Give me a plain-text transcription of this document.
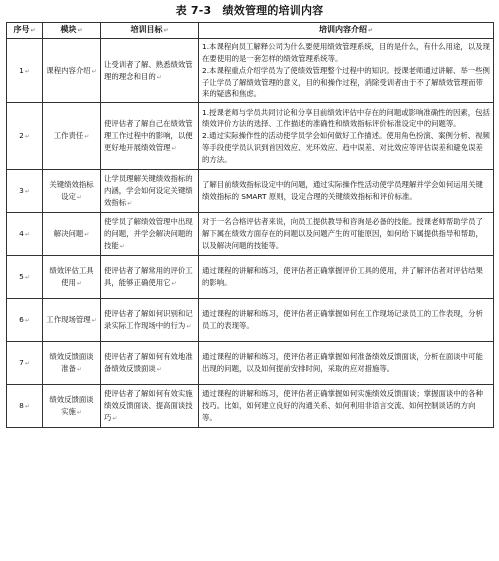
表 7-3　绩效管理的培训内容
序号↵	模块↵	培训目标↵	培训内容介绍↵
1↵	课程内容介绍↵	让受训者了解、熟悉绩效管理的理念和目的↵	1.本课程向员工解释公司为什么要使用绩效管理系统，目的是什么，有什么用途，以及现在要使用的是一套怎样的绩效管理系统等。
2.本课程重点介绍学员为了使绩效管理整个过程中的知识。授课老师通过讲解、举一些例子让学员了解绩效管理的意义，目的和操作过程，消除受训者由于不了解绩效管理而带来的疑惑和焦虑。

2↵	工作责任↵	使评估者了解自己在绩效管理工作过程中的影响，以便更好地开展绩效管理↵	1.授课老师与学员共同讨论和分享目前绩效评估中存在的问题或影响准确性的因素，包括绩效评价方法的选择、工作描述的准确性和绩效指标评价标准设定中的问题等。
2.通过实际操作性的活动使学员学会如何做好工作描述。使用角色扮演、案例分析、视频等手段使学员认识到首因效应、光环效应、趋中误差、对比效应等评估误差和避免误差的方法。

3↵	关键绩效指标设定↵	让学员理解关键绩效指标的内涵，学会如何设定关键绩效指标↵	了解目前绩效指标设定中的问题，通过实际操作性活动使学员理解并学会如何运用关键绩效指标的 SMART 原则，设定合理的关键绩效指标和评价标准。

4↵	解决问题↵	使学员了解绩效管理中出现的问题，并学会解决问题的技能↵	对于一名合格评估者来说，向员工提供教导和咨询是必备的技能。授课老师帮助学员了解下属在绩效方面存在的问题以及问题产生的可能原因，如何给下属提供指导和帮助，以及解决问题的技能等。

5↵	绩效评估工具使用↵	使评估者了解常用的评价工具，能够正确使用它↵	通过课程的讲解和练习，使评估者正确掌握评价工具的使用，并了解评估者对评估结果的影响。

6↵	工作现场管理↵	使评估者了解如何识别和记录实际工作现场中的行为↵	通过课程的讲解和练习，使评估者正确掌握如何在工作现场记录员工的工作表现，分析员工的表现等。

7↵	绩效反馈面谈准备↵	使评估者了解如何有效地准备绩效反馈面谈↵	通过课程的讲解和练习，使评估者正确掌握如何准备绩效反馈面谈，分析在面谈中可能出现的问题，以及如何提前安排时间，采取的应对措施等。

8↵	绩效反馈面谈实施↵	使评估者了解如何有效实施绩效反馈面谈、提高面谈技巧↵	通过课程的讲解和练习，使评估者正确掌握如何实施绩效反馈面谈；掌握面谈中的各种技巧。比如，如何建立良好的沟通关系、如何利用非语言交流、如何控制谈话的方向等。
